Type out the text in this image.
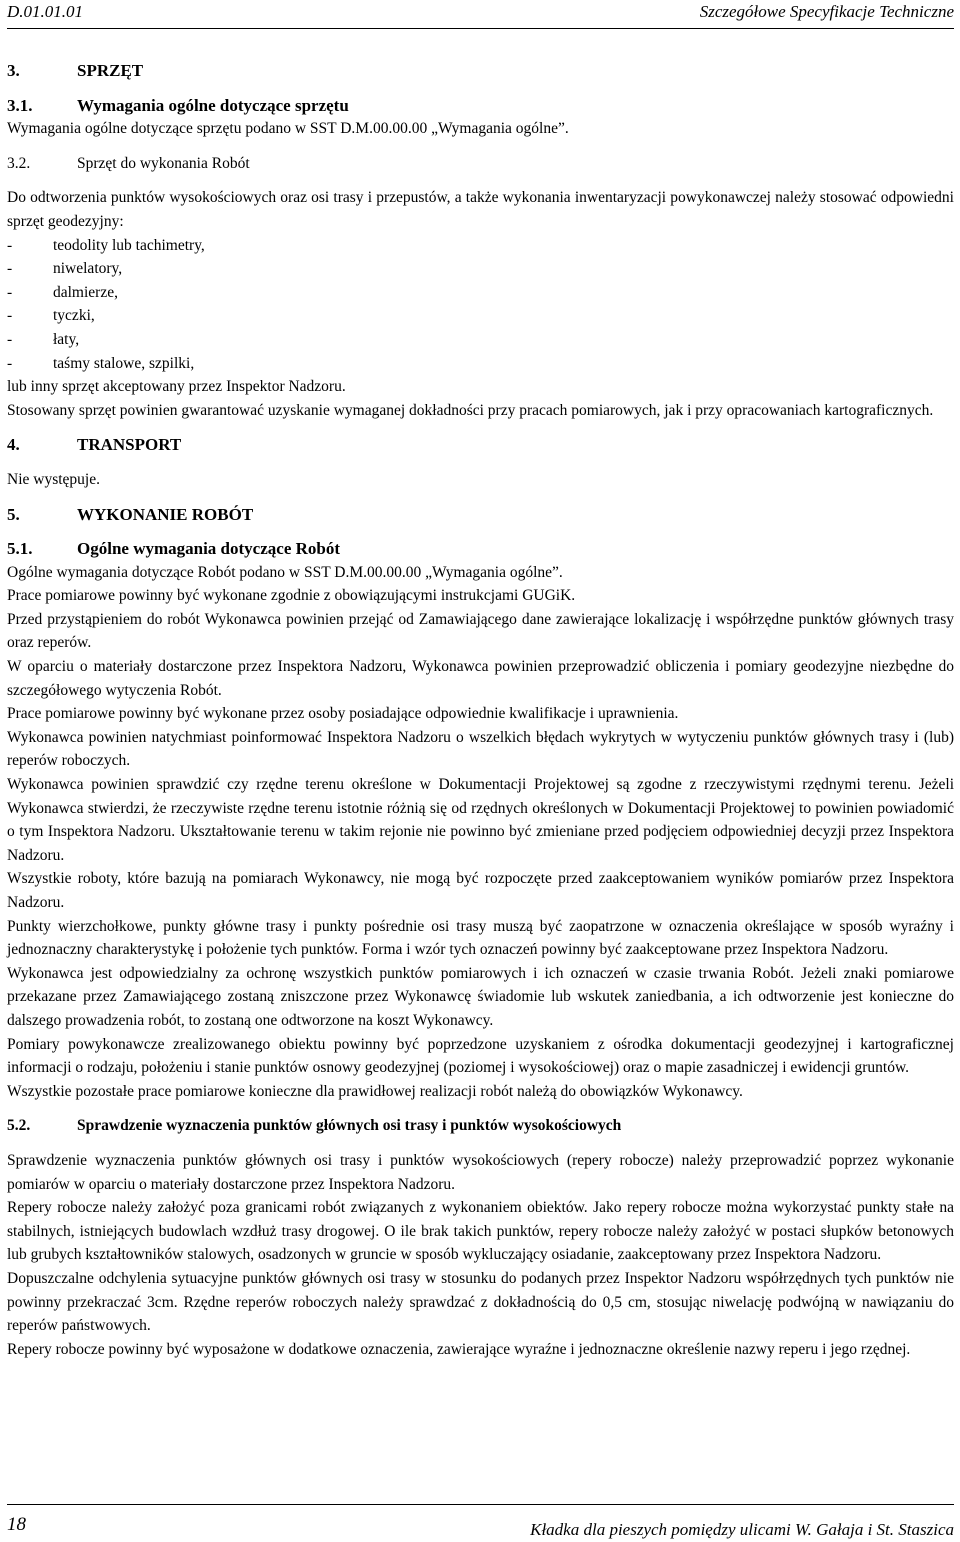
D.01.01.01	Szczegółowe Specyfikacje Techniczne

3.	SPRZĘT

3.1.	Wymagania ogólne dotyczące sprzętu

Wymagania ogólne dotyczące sprzętu podano w SST D.M.00.00.00 „Wymagania ogólne”.

3.2.	Sprzęt do wykonania Robót

Do odtworzenia punktów wysokościowych oraz osi trasy i przepustów, a także wykonania inwentaryzacji powykonawczej należy stosować odpowiedni sprzęt geodezyjny:

-	teodolity lub tachimetry,

-	niwelatory,

-	dalmierze,

-	tyczki,

-	łaty,

-	taśmy stalowe, szpilki,

lub inny sprzęt akceptowany przez Inspektor Nadzoru.

Stosowany sprzęt powinien gwarantować uzyskanie wymaganej dokładności przy pracach pomiarowych, jak i przy opracowaniach kartograficznych.

4.	TRANSPORT

Nie występuje.

5.	WYKONANIE ROBÓT

5.1.	Ogólne wymagania dotyczące Robót

Ogólne wymagania dotyczące Robót podano w SST D.M.00.00.00 „Wymagania ogólne”.

Prace pomiarowe powinny być wykonane zgodnie z obowiązującymi instrukcjami GUGiK.

Przed przystąpieniem do robót Wykonawca powinien przejąć od Zamawiającego dane zawierające lokalizację i współrzędne punktów głównych trasy oraz reperów.

W oparciu o materiały dostarczone przez Inspektora Nadzoru, Wykonawca powinien przeprowadzić obliczenia i pomiary geodezyjne niezbędne do szczegółowego wytyczenia Robót.

Prace pomiarowe powinny być wykonane przez osoby posiadające odpowiednie kwalifikacje i uprawnienia.

Wykonawca powinien natychmiast poinformować Inspektora Nadzoru o wszelkich błędach wykrytych w wytyczeniu punktów głównych trasy i (lub) reperów roboczych.

Wykonawca powinien sprawdzić czy rzędne terenu określone w Dokumentacji Projektowej są zgodne z rzeczywistymi rzędnymi terenu. Jeżeli Wykonawca stwierdzi, że rzeczywiste rzędne terenu istotnie różnią się od rzędnych określonych w Dokumentacji Projektowej to powinien powiadomić o tym Inspektora Nadzoru. Ukształtowanie terenu w takim rejonie nie powinno być zmieniane przed podjęciem odpowiedniej decyzji przez Inspektora Nadzoru.

Wszystkie roboty, które bazują na pomiarach Wykonawcy, nie mogą być rozpoczęte przed zaakceptowaniem wyników pomiarów przez Inspektora Nadzoru.

Punkty wierzchołkowe, punkty główne trasy i punkty pośrednie osi trasy muszą być zaopatrzone w oznaczenia określające w sposób wyraźny i jednoznaczny charakterystykę i położenie tych punktów. Forma i wzór tych oznaczeń powinny być zaakceptowane przez Inspektora Nadzoru.

Wykonawca jest odpowiedzialny za ochronę wszystkich punktów pomiarowych i ich oznaczeń w czasie trwania Robót. Jeżeli znaki pomiarowe przekazane przez Zamawiającego zostaną zniszczone przez Wykonawcę świadomie lub wskutek zaniedbania, a ich odtworzenie jest konieczne do dalszego prowadzenia robót, to zostaną one odtworzone na koszt Wykonawcy.

Pomiary powykonawcze zrealizowanego obiektu powinny być poprzedzone uzyskaniem z ośrodka dokumentacji geodezyjnej i kartograficznej informacji o rodzaju, położeniu i stanie punktów osnowy geodezyjnej (poziomej i wysokościowej) oraz o mapie zasadniczej i ewidencji gruntów.

Wszystkie pozostałe prace pomiarowe konieczne dla prawidłowej realizacji robót należą do obowiązków Wykonawcy.

5.2.	Sprawdzenie wyznaczenia punktów głównych osi trasy i punktów wysokościowych

Sprawdzenie wyznaczenia punktów głównych osi trasy i punktów wysokościowych (repery robocze) należy przeprowadzić poprzez wykonanie pomiarów w oparciu o materiały dostarczone przez Inspektora Nadzoru.

Repery robocze należy założyć poza granicami robót związanych z wykonaniem obiektów. Jako repery robocze można wykorzystać punkty stałe na stabilnych, istniejących budowlach wzdłuż trasy drogowej. O ile brak takich punktów, repery robocze należy założyć w postaci słupków betonowych lub grubych kształtowników stalowych, osadzonych w gruncie w sposób wykluczający osiadanie, zaakceptowany przez Inspektora Nadzoru.

Dopuszczalne odchylenia sytuacyjne punktów głównych osi trasy w stosunku do podanych przez Inspektor Nadzoru współrzędnych tych punktów nie powinny przekraczać 3cm. Rzędne reperów roboczych należy sprawdzać z dokładnością do 0,5 cm, stosując niwelację podwójną w nawiązaniu do reperów państwowych.

Repery robocze powinny być wyposażone w dodatkowe oznaczenia, zawierające wyraźne i jednoznaczne określenie nazwy reperu i jego rzędnej.

18	Kładka dla pieszych pomiędzy ulicami W. Gałaja i St. Staszica
